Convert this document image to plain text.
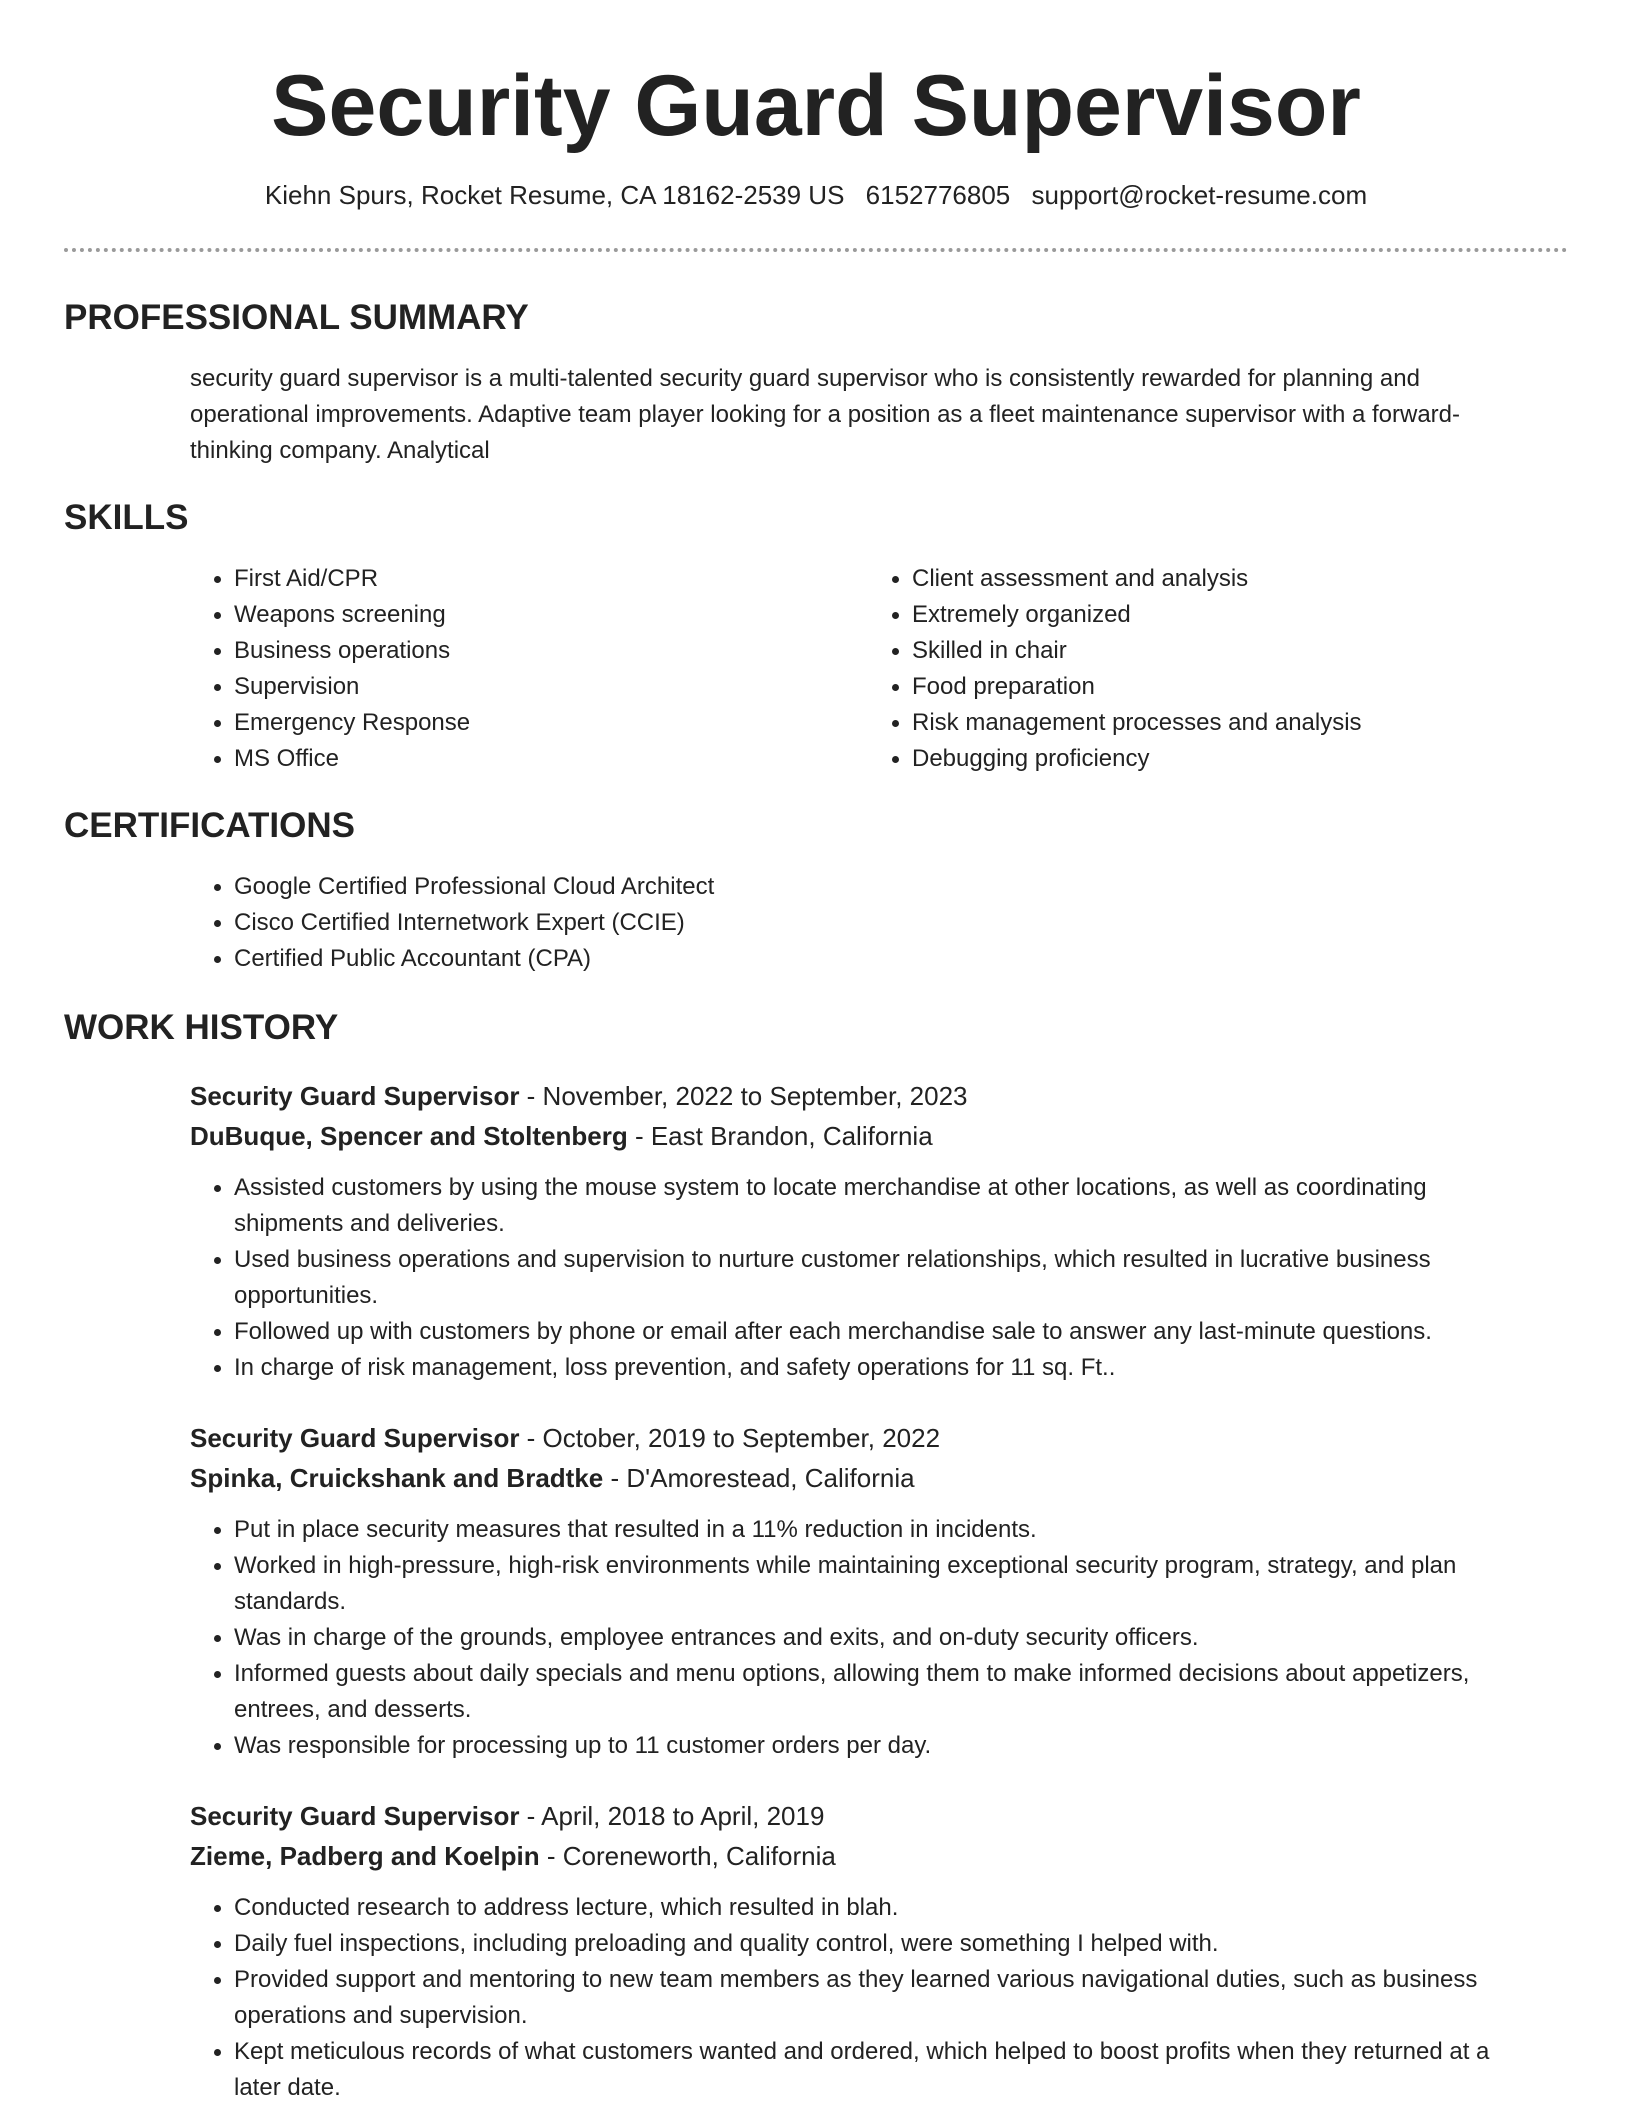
Security Guard Supervisor
Kiehn Spurs, Rocket Resume, CA 18162-2539 US 6152776805 support@rocket-resume.com
PROFESSIONAL SUMMARY

security guard supervisor is a multi-talented security guard supervisor who is consistently rewarded for planning and operational improvements. Adaptive team player looking for a position as a fleet maintenance supervisor with a forward-thinking company. Analytical

SKILLS
• First Aid/CPR
• Weapons screening
• Business operations
• Supervision
• Emergency Response
• MS Office
• Client assessment and analysis
• Extremely organized
• Skilled in chair
• Food preparation
• Risk management processes and analysis
• Debugging proficiency
CERTIFICATIONS
• Google Certified Professional Cloud Architect
• Cisco Certified Internetwork Expert (CCIE)
• Certified Public Accountant (CPA)
WORK HISTORY
Security Guard Supervisor - November, 2022 to September, 2023
DuBuque, Spencer and Stoltenberg - East Brandon, California
• Assisted customers by using the mouse system to locate merchandise at other locations, as well as coordinating shipments and deliveries.
• Used business operations and supervision to nurture customer relationships, which resulted in lucrative business opportunities.
• Followed up with customers by phone or email after each merchandise sale to answer any last-minute questions.
• In charge of risk management, loss prevention, and safety operations for 11 sq. Ft..
Security Guard Supervisor - October, 2019 to September, 2022
Spinka, Cruickshank and Bradtke - D'Amorestead, California
• Put in place security measures that resulted in a 11% reduction in incidents.
• Worked in high-pressure, high-risk environments while maintaining exceptional security program, strategy, and plan standards.
• Was in charge of the grounds, employee entrances and exits, and on-duty security officers.
• Informed guests about daily specials and menu options, allowing them to make informed decisions about appetizers, entrees, and desserts.
• Was responsible for processing up to 11 customer orders per day.
Security Guard Supervisor - April, 2018 to April, 2019
Zieme, Padberg and Koelpin - Coreneworth, California
• Conducted research to address lecture, which resulted in blah.
• Daily fuel inspections, including preloading and quality control, were something I helped with.
• Provided support and mentoring to new team members as they learned various navigational duties, such as business operations and supervision.
• Kept meticulous records of what customers wanted and ordered, which helped to boost profits when they returned at a later date.
